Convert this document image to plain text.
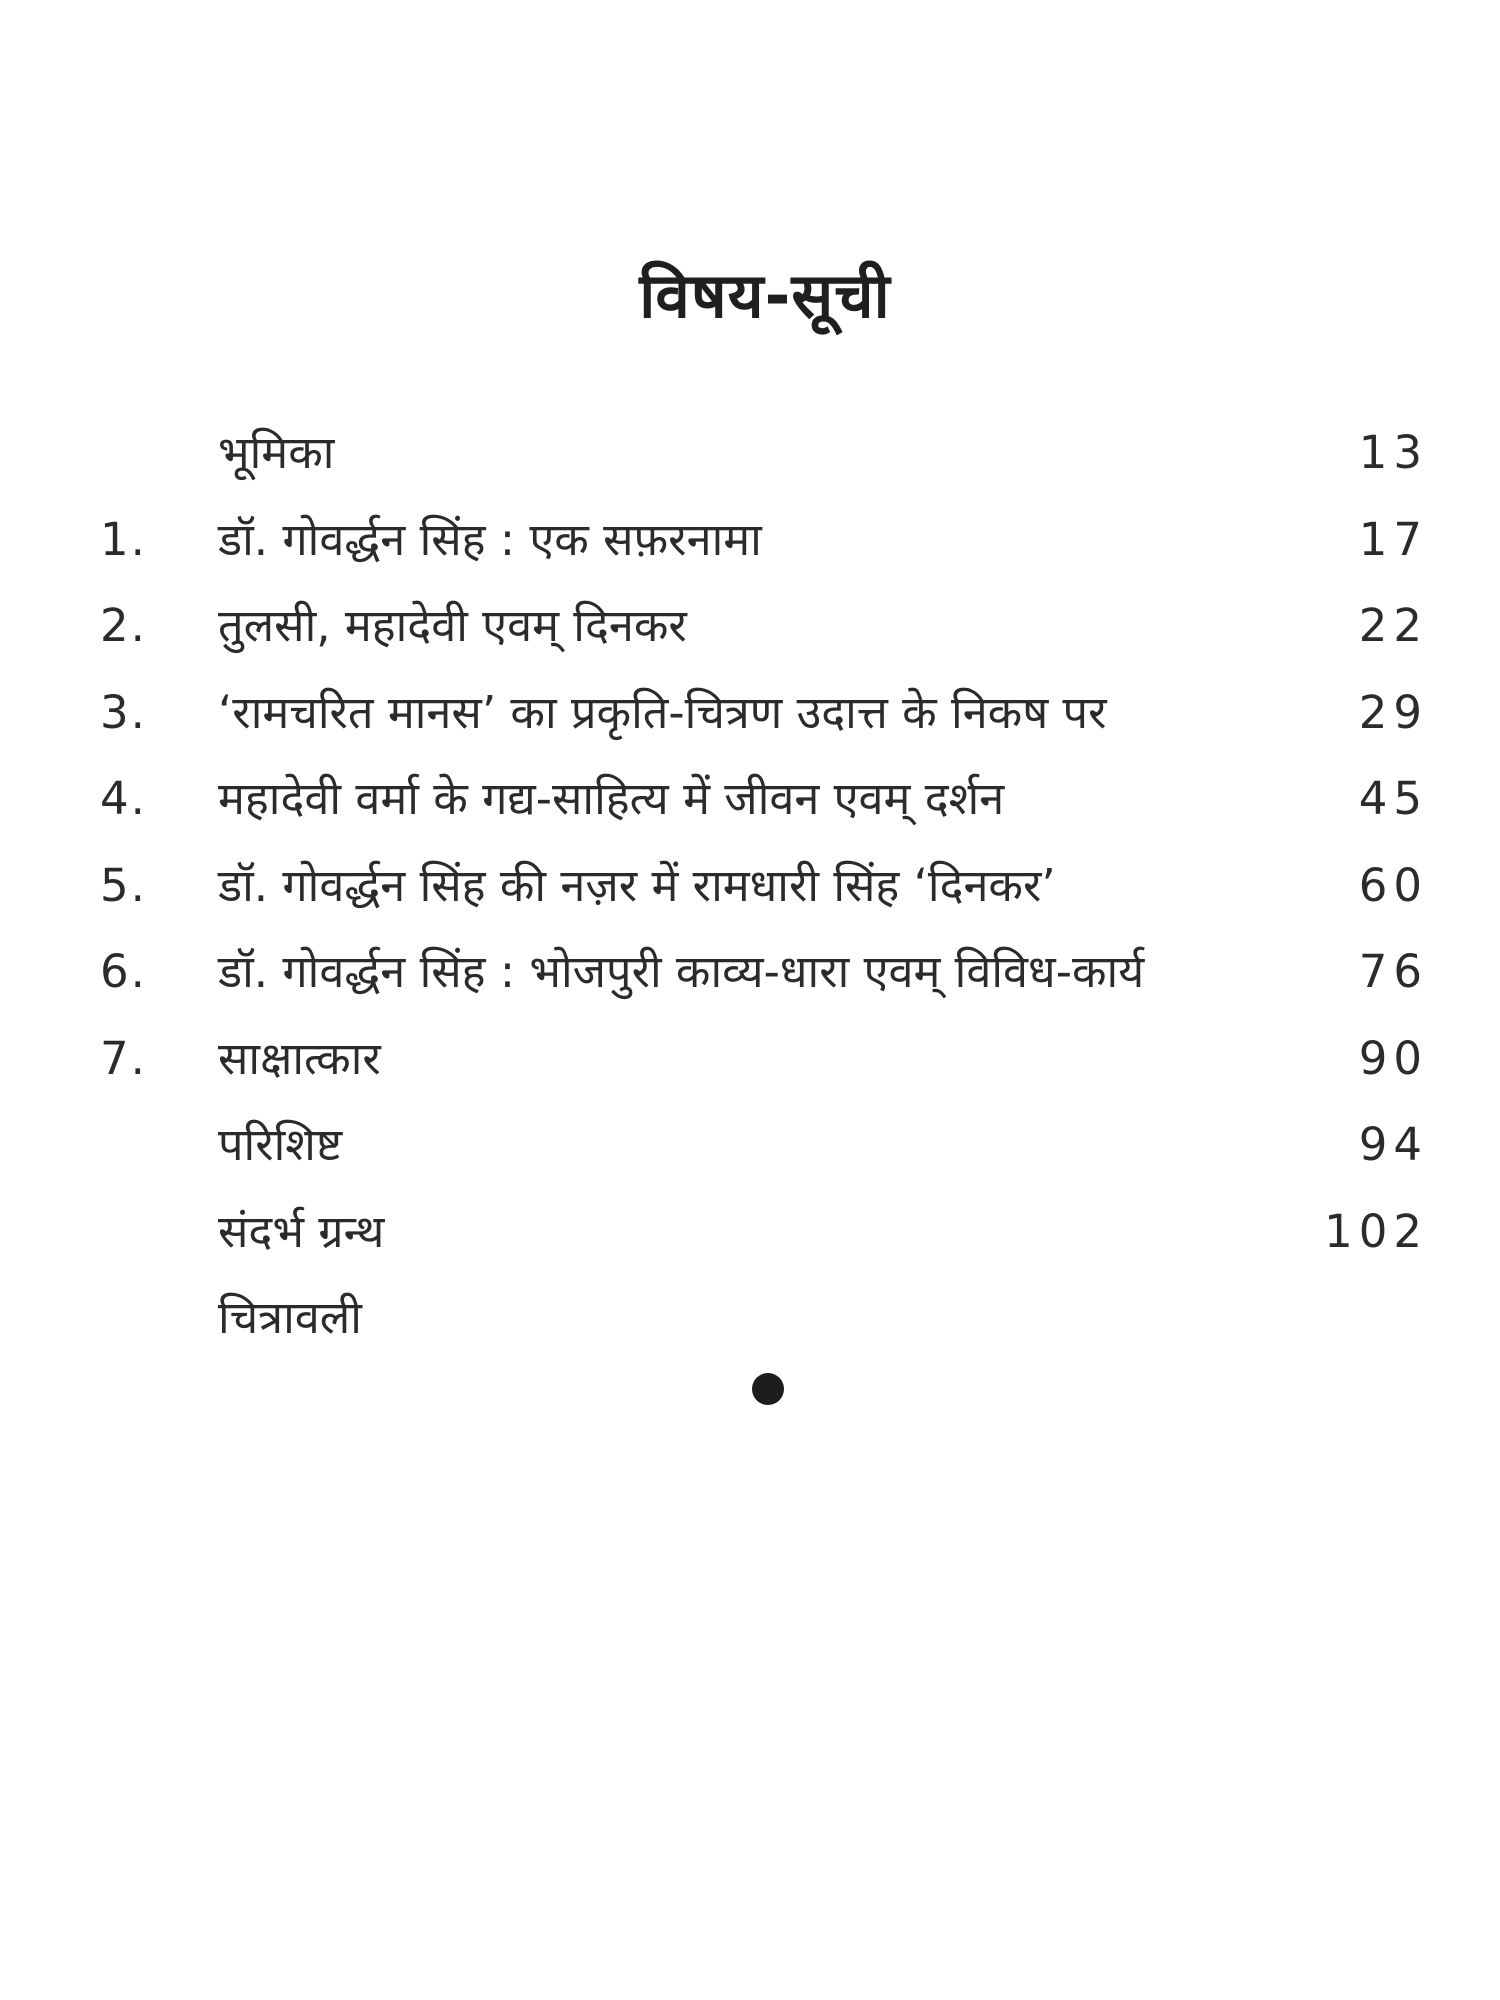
विषय-सूची
भूमिका	13
1.	डॉ. गोवर्द्धन सिंह : एक सफ़रनामा	17
2.	तुलसी, महादेवी एवम् दिनकर	22
3.	‘रामचरित मानस’ का प्रकृति-चित्रण उदात्त के निकष पर	29
4.	महादेवी वर्मा के गद्य-साहित्य में जीवन एवम् दर्शन	45
5.	डॉ. गोवर्द्धन सिंह की नज़र में रामधारी सिंह ‘दिनकर’	60
6.	डॉ. गोवर्द्धन सिंह : भोजपुरी काव्य-धारा एवम् विविध-कार्य	76
7.	साक्षात्कार	90
परिशिष्ट	94
संदर्भ ग्रन्थ	102
चित्रावली
